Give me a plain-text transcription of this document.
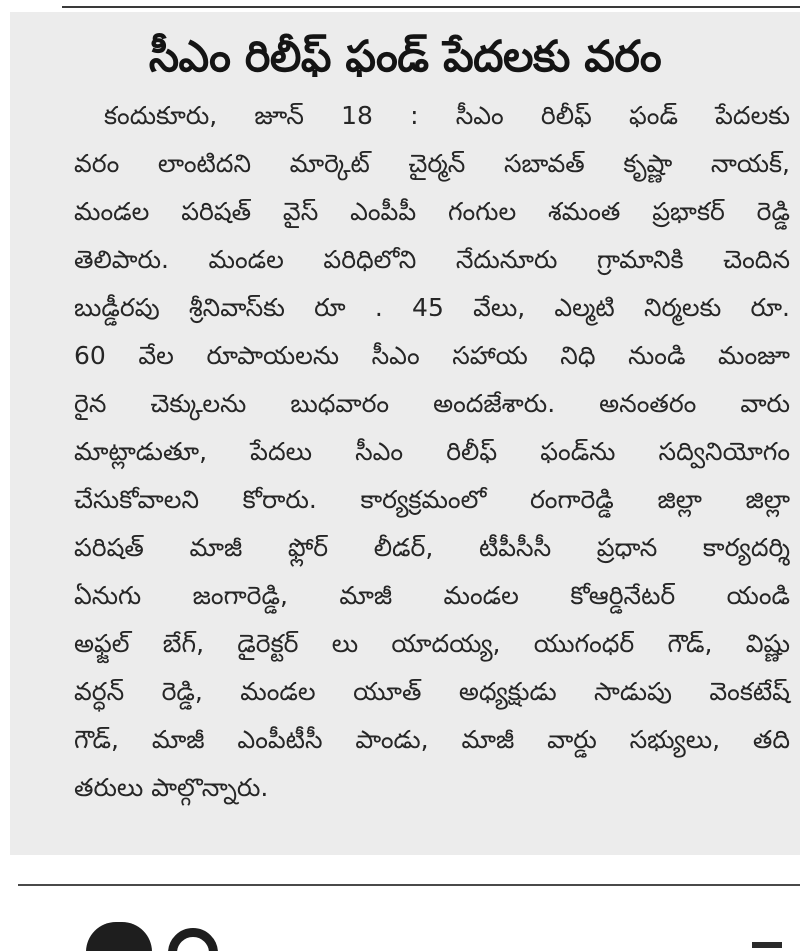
సీఎం రిలీఫ్ ఫండ్ పేదలకు వరం
కందుకూరు, జూన్ 18 : సీఎం రిలీఫ్ ఫండ్ పేదలకు
వరం లాంటిదని మార్కెట్ చైర్మన్ సబావత్ కృష్ణా నాయక్,
మండల పరిషత్ వైస్ ఎంపీపీ గంగుల శమంత ప్రభాకర్ రెడ్డి
తెలిపారు. మండల పరిధిలోని నేదునూరు గ్రామానికి చెందిన
బుడ్డీరపు శ్రీనివాస్‌కు రూ . 45 వేలు, ఎల్మటి నిర్మలకు రూ.
60 వేల రూపాయలను సీఎం సహాయ నిధి నుండి మంజూ
రైన చెక్కులను బుధవారం అందజేశారు. అనంతరం వారు
మాట్లాడుతూ, పేదలు సీఎం రిలీఫ్ ఫండ్‌ను సద్వినియోగం
చేసుకోవాలని కోరారు. కార్యక్రమంలో రంగారెడ్డి జిల్లా జిల్లా
పరిషత్ మాజీ ఫ్లోర్ లీడర్, టీపీసీసీ ప్రధాన కార్యదర్శి
ఏనుగు జంగారెడ్డి, మాజీ మండల కోఆర్డినేటర్ యండి
అఫ్జల్ బేగ్, డైరెక్టర్ లు యాదయ్య, యుగంధర్ గౌడ్, విష్ణు
వర్ధన్ రెడ్డి, మండల యూత్ అధ్యక్షుడు సాడుపు వెంకటేష్
గౌడ్, మాజీ ఎంపీటీసీ పాండు, మాజీ వార్డు సభ్యులు, తది
తరులు పాల్గొన్నారు.
